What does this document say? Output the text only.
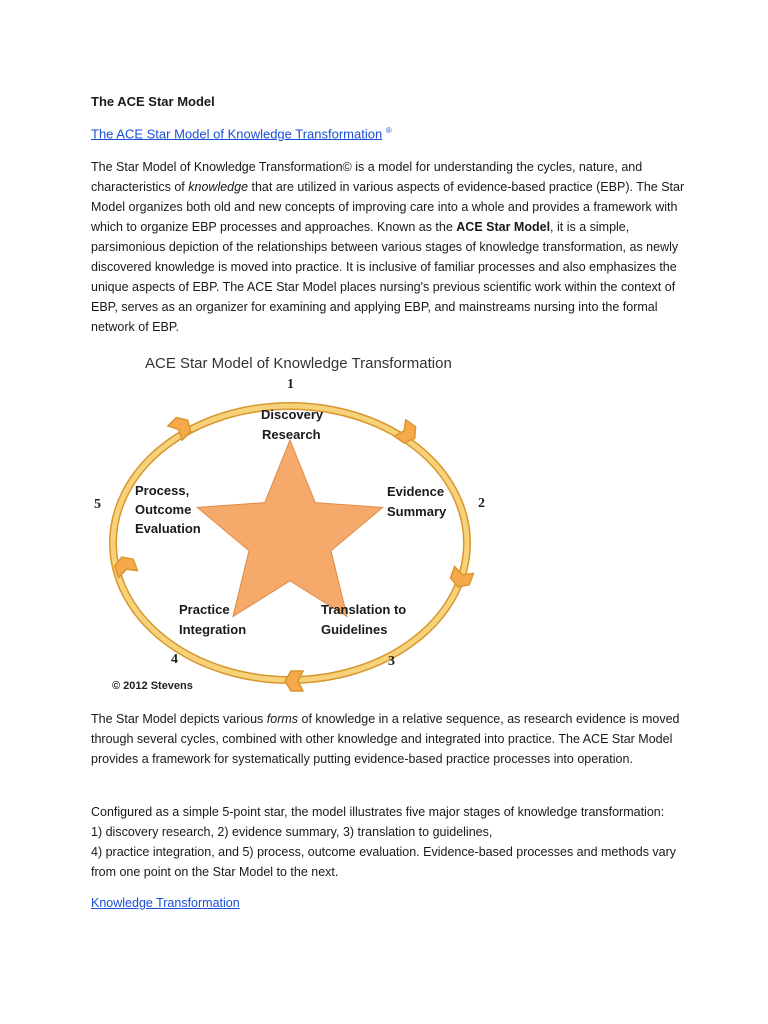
The ACE Star Model
The ACE Star Model of Knowledge Transformation ®

The Star Model of Knowledge Transformation© is a model for understanding the cycles, nature, and characteristics of knowledge that are utilized in various aspects of evidence-based practice (EBP). The Star Model organizes both old and new concepts of improving care into a whole and provides a framework with which to organize EBP processes and approaches. Known as the ACE Star Model, it is a simple, parsimonious depiction of the relationships between various stages of knowledge transformation, as newly discovered knowledge is moved into practice. It is inclusive of familiar processes and also emphasizes the unique aspects of EBP. The ACE Star Model places nursing's previous scientific work within the context of EBP, serves as an organizer for examining and applying EBP, and mainstreams nursing into the formal network of EBP.

ACE Star Model of Knowledge Transformation
1
2
3
4
5
Discovery
Research
Evidence
Summary
Translation to
Guidelines
Practice
Integration
Process,
Outcome
Evaluation
© 2012 Stevens

The Star Model depicts various forms of knowledge in a relative sequence, as research evidence is moved through several cycles, combined with other knowledge and integrated into practice. The ACE Star Model provides a framework for systematically putting evidence-based practice processes into operation.

Configured as a simple 5-point star, the model illustrates five major stages of knowledge transformation:
1) discovery research, 2) evidence summary, 3) translation to guidelines,
4) practice integration, and 5) process, outcome evaluation. Evidence-based processes and methods vary from one point on the Star Model to the next.

Knowledge Transformation
